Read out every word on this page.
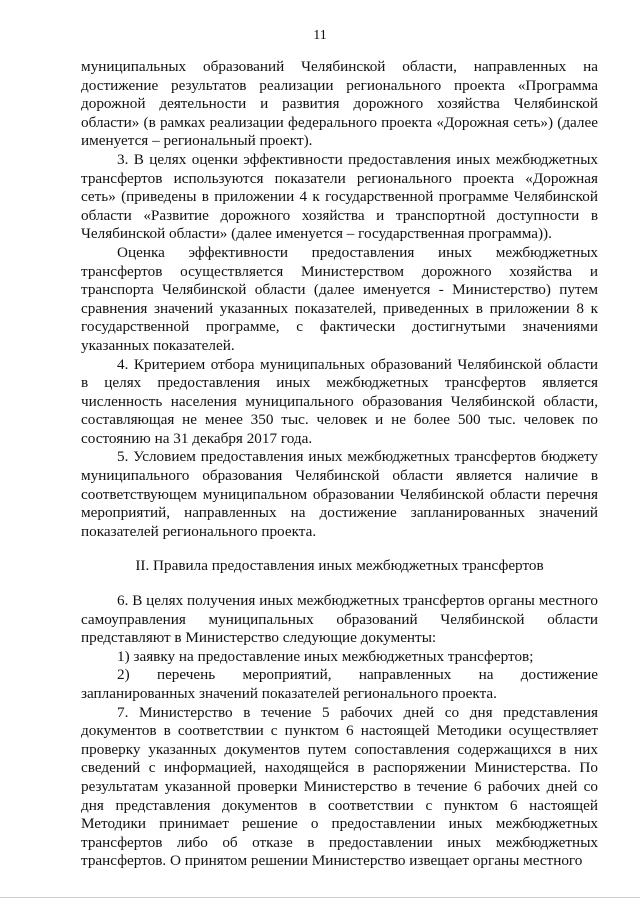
11

муниципальных образований Челябинской области, направленных на достижение результатов реализации регионального проекта «Программа дорожной деятельности и развития дорожного хозяйства Челябинской области» (в рамках реализации федерального проекта «Дорожная сеть») (далее именуется – региональный проект).

3. В целях оценки эффективности предоставления иных межбюджетных трансфертов используются показатели регионального проекта «Дорожная сеть» (приведены в приложении 4 к государственной программе Челябинской области «Развитие дорожного хозяйства и транспортной доступности в Челябинской области» (далее именуется – государственная программа)).

Оценка эффективности предоставления иных межбюджетных трансфертов осуществляется Министерством дорожного хозяйства и транспорта Челябинской области (далее именуется - Министерство) путем сравнения значений указанных показателей, приведенных в приложении 8 к государственной программе, с фактически достигнутыми значениями указанных показателей.

4. Критерием отбора муниципальных образований Челябинской области в целях предоставления иных межбюджетных трансфертов является численность населения муниципального образования Челябинской области, составляющая не менее 350 тыс. человек и не более 500 тыс. человек по состоянию на 31 декабря 2017 года.

5. Условием предоставления иных межбюджетных трансфертов бюджету муниципального образования Челябинской области является наличие в соответствующем муниципальном образовании Челябинской области перечня мероприятий, направленных на достижение запланированных значений показателей регионального проекта.

II. Правила предоставления иных межбюджетных трансфертов

6. В целях получения иных межбюджетных трансфертов органы местного самоуправления муниципальных образований Челябинской области представляют в Министерство следующие документы:

1) заявку на предоставление иных межбюджетных трансфертов;

2) перечень мероприятий, направленных на достижение запланированных значений показателей регионального проекта.

7. Министерство в течение 5 рабочих дней со дня представления документов в соответствии с пунктом 6 настоящей Методики осуществляет проверку указанных документов путем сопоставления содержащихся в них сведений с информацией, находящейся в распоряжении Министерства. По результатам указанной проверки Министерство в течение 6 рабочих дней со дня представления документов в соответствии с пунктом 6 настоящей Методики принимает решение о предоставлении иных межбюджетных трансфертов либо об отказе в предоставлении иных межбюджетных трансфертов. О принятом решении Министерство извещает органы местного
